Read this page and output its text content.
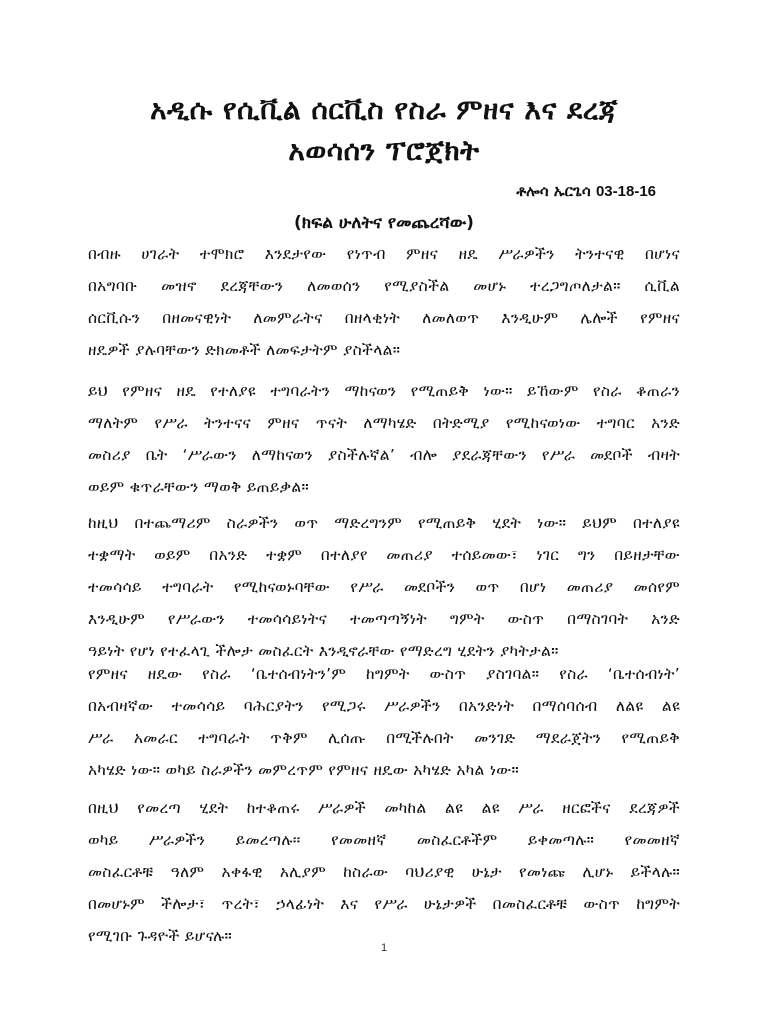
አዲሱ የሲቪል ሰርቪስ የስራ ምዘና እና ደረጃ
አወሳሰን ፕሮጀክት
ቶሎሳ ኡርጌሳ 03-18-16
(ክፍል ሁለትና የመጨረሻው)
በብዙ ሀገራት ተሞክሮ እንደታየው የነጥብ ምዘና ዘዴ ሥራዎችን ትንተናዊ በሆነና
በአግባቡ መዝኖ ደረጃቸውን ለመወሰን የሚያስችል መሆኑ ተረጋግጦለታል። ሲቪል
ሰርቪሱን በዘመናዊነት ለመምራትና በዘላቂነት ለመለወጥ እንዲሁም ሌሎች የምዘና
ዘዴዎች ያሉባቸውን ድክመቶች ለመፍታትም ያስችላል።
ይህ የምዘና ዘዴ የተለያዩ ተግባራትን ማከናወን የሚጠይቅ ነው። ይኸውም የስራ ቆጠራን
ማለትም የሥራ ትንተናና ምዘና ጥናት ለማካሄድ በትድሚያ የሚከናወነው ተግባር አንድ
መስሪያ ቤት ‘ሥራውን ለማከናወን ያስችሉኛል’ ብሎ ያደራጃቸውን የሥራ መደቦች ብዛት
ወይም ቁጥራቸውን ማወቅ ይጠይቃል።
ከዚህ በተጨማሪም ስራዎችን ወጥ ማድረግንም የሚጠይቅ ሂደት ነው። ይህም በተለያዩ
ተቋማት ወይም በአንድ ተቋም በተለያየ መጠሪያ ተሰይመው፣ ነገር ግን በይዘታቸው
ተመሳሳይ ተግባራት የሚከናወኑባቸው የሥራ መደቦችን ወጥ በሆነ መጠሪያ መሰየም
እንዲሁም የሥራውን ተመሳሳይነትና ተመጣጣኝነት ግምት ውስጥ በማስገባት አንድ
ዓይነት የሆነ የተፈላጊ ችሎታ መስፈርት እንዲኖራቸው የማድረግ ሂደትን ያካትታል።
የምዘና ዘዴው የስራ ‘ቤተሰብነትን’ም ከግምት ውስጥ ያስገባል። የስራ ‘ቤተሰብነት’
በአብዛኛው ተመሳሳይ ባሕርያትን የሚጋሩ ሥራዎችን በአንድነት በማሰባሰብ ለልዩ ልዩ
ሥራ አመራር ተግባራት ጥቅም ሊሰጡ በሚችሉበት መንገድ ማደራጀትን የሚጠይቅ
አካሄድ ነው። ወካይ ስራዎችን መምረጥም የምዘና ዘዴው አካሄድ አካል ነው።
በዚህ የመረጣ ሂደት ከተቆጠሩ ሥራዎች መካከል ልዩ ልዩ ሥራ ዘርፎችና ደረጃዎች
ወካይ ሥራዎችን ይመረጣሉ፡፡ የመመዘኛ መስፈርቶችም ይቀመጣሉ። የመመዘኛ
መስፈርቶቹ ዓለም አቀፋዊ አሊያም ከስራው ባህሪያዊ ሁኔታ የመነጩ ሊሆኑ ይችላሉ።
በመሆኑም ችሎታ፣ ጥረት፣ ኃላፊነት እና የሥራ ሁኔታዎች በመስፈርቶቹ ውስጥ ከግምት
የሚገቡ ጉዳዮች ይሆናሉ።
1
